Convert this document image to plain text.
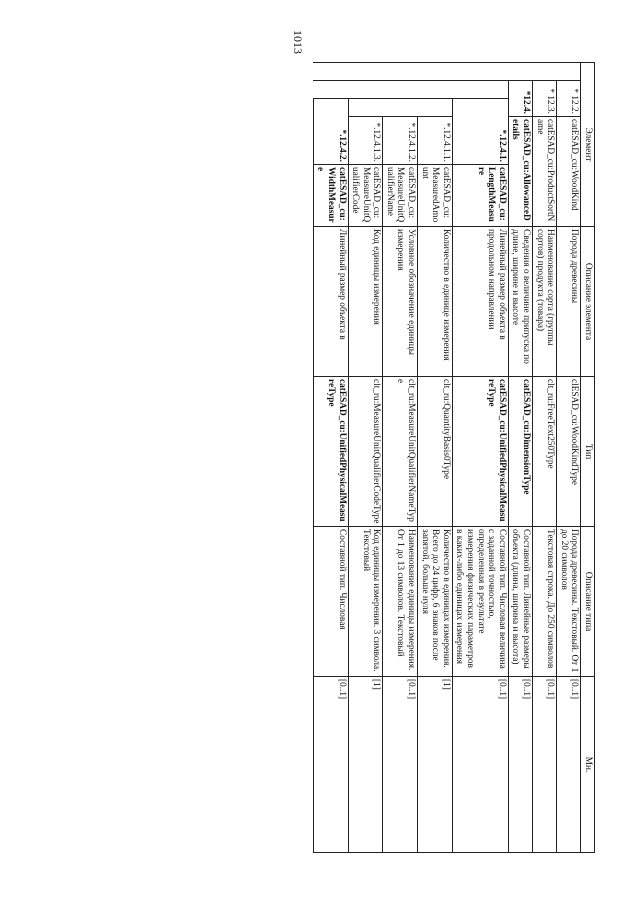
1013
Элемент					Описание элемента	Тип	Описание типа	Мн.
	* 12.2.		catESAD_cu:WoodKind		Порода древесины	clESAD_cu:WoodKindType	Порода древесины. Текстовый. От 1 до 20 символов	[0..1]
	* 12.3.		catESAD_cu:ProductSortName		Наименование сорта (группы сортов) продукта (товара)	clt_ru:FreeText250Type	Текстовая строка. До 250 символов	[0..1]
	*12.4.		catESAD_cu:AllowanceDetails		Сведения о величине припуска по длине, ширине и высоте	catESAD_cu:DimensionType	Составной тип. Линейные размеры объекта (длина, ширина и высота)	[0..1]
		*.12.4.1.		catESAD_cu:LengthMeasure	Линейный размер объекта в продольном направлении	catESAD_cu:UnifiedPhysicalMeasureType	Составной тип. Числовая величина с заданной точностью, определенная в результате измерения физических параметров в каких-либо единицах измерения	[0..1]
			*.12.4.1.1.	catESAD_cu:MeasuredAmount	Количество в единице измерения	clt_ru:QuantityBasis0Type	Количество в единицах измерения. Всего до 24 цифр, 6 знаков после запятой, больше нуля	[1]
			*.12.4.1.2.	catESAD_cu:MeasureUnitQualifierName	Условное обозначение единицы измерения	clt_ru:MeasureUnitQualifierNameType	Наименование единицы измерения. От 1 до 13 символов. Текстовый	[0..1]
			*.12.4.1.3.	catESAD_cu:MeasureUnitQualifierCode	Код единицы измерения	clt_ru:MeasureUnitQualifierCodeType	Код единицы измерения. 3 символа. Текстовый	[1]
		*.12.4.2.		catESAD_cu:WidthMeasure	Линейный размер объекта в	catESAD_cu:UnifiedPhysicalMeasureType	Составной тип. Числовая	[0..1]
